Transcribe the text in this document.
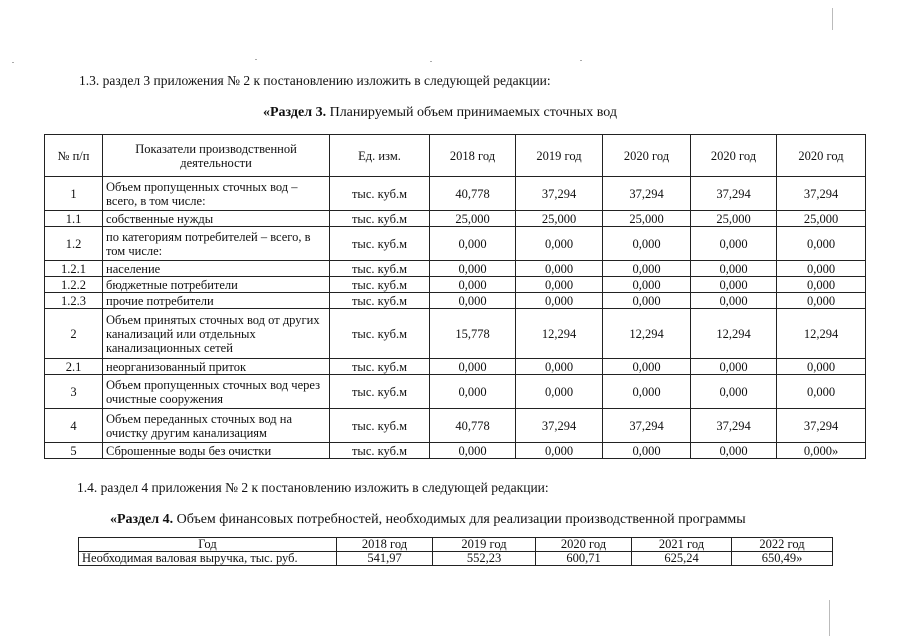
1.3. раздел 3 приложения № 2 к постановлению изложить в следующей редакции:
«Раздел 3. Планируемый объем принимаемых сточных вод
№ п/п	Показатели производственной деятельности	Ед. изм.	2018 год	2019 год	2020 год	2020 год	2020 год
1	Объем пропущенных сточных вод – всего, в том числе:	тыс. куб.м	40,778	37,294	37,294	37,294	37,294
1.1	собственные нужды	тыс. куб.м	25,000	25,000	25,000	25,000	25,000
1.2	по категориям потребителей – всего, в том числе:	тыс. куб.м	0,000	0,000	0,000	0,000	0,000
1.2.1	население	тыс. куб.м	0,000	0,000	0,000	0,000	0,000
1.2.2	бюджетные потребители	тыс. куб.м	0,000	0,000	0,000	0,000	0,000
1.2.3	прочие потребители	тыс. куб.м	0,000	0,000	0,000	0,000	0,000
2	Объем принятых сточных вод от других канализаций или отдельных канализационных сетей	тыс. куб.м	15,778	12,294	12,294	12,294	12,294
2.1	неорганизованный приток	тыс. куб.м	0,000	0,000	0,000	0,000	0,000
3	Объем пропущенных сточных вод через очистные сооружения	тыс. куб.м	0,000	0,000	0,000	0,000	0,000
4	Объем переданных сточных вод на очистку другим канализациям	тыс. куб.м	40,778	37,294	37,294	37,294	37,294
5	Сброшенные воды без очистки	тыс. куб.м	0,000	0,000	0,000	0,000	0,000»
1.4. раздел 4 приложения № 2 к постановлению изложить в следующей редакции:
«Раздел 4. Объем финансовых потребностей, необходимых для реализации производственной программы
Год	2018 год	2019 год	2020 год	2021 год	2022 год
Необходимая валовая выручка, тыс. руб.	541,97	552,23	600,71	625,24	650,49»
